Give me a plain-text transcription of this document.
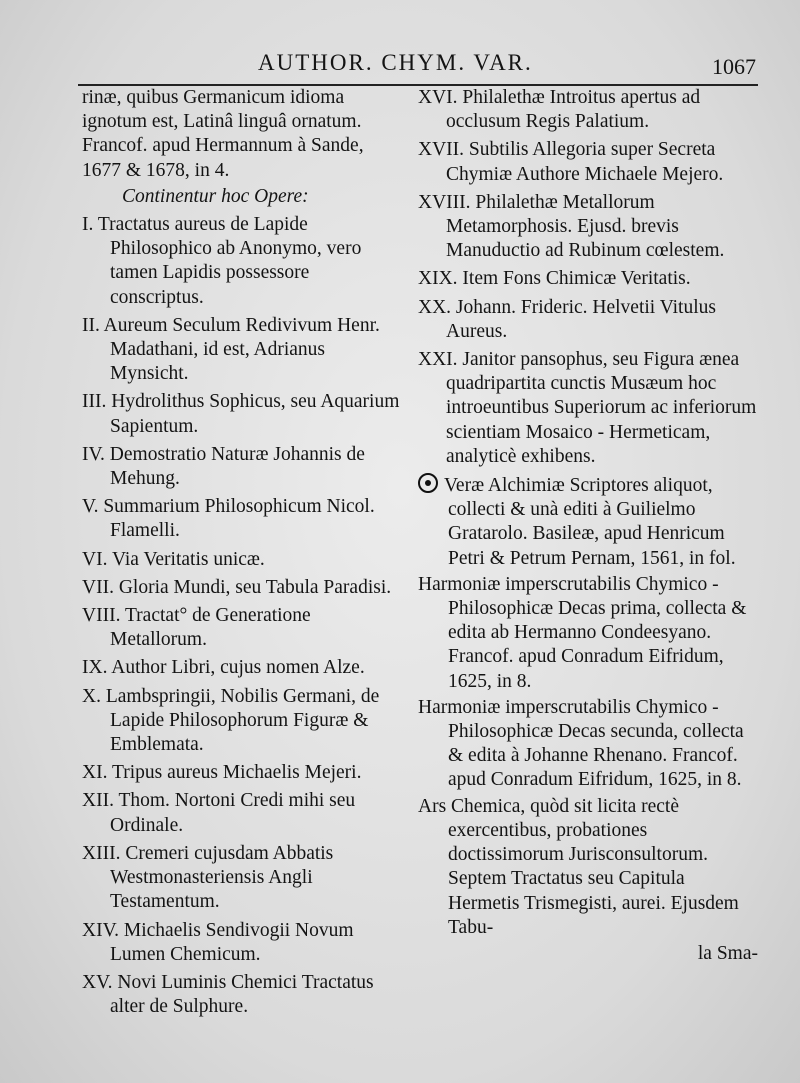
AUTHOR. CHYM. VAR.	1067

rinæ, quibus Germanicum idioma
ignotum est, Latinâ linguâ ornatum.
Francof. apud Hermannum à Sande,
1677 & 1678, in 4.

Continentur hoc Opere:

I. Tractatus aureus de Lapide Philosophico ab Anonymo, vero tamen Lapidis possessore conscriptus.

II. Aureum Seculum Redivivum Henr. Madathani, id est, Adrianus Mynsicht.

III. Hydrolithus Sophicus, seu Aquarium Sapientum.

IV. Demostratio Naturæ Johannis de Mehung.

V. Summarium Philosophicum Nicol. Flamelli.

VI. Via Veritatis unicæ.

VII. Gloria Mundi, seu Tabula Paradisi.

VIII. Tractat° de Generatione Metallorum.

IX. Author Libri, cujus nomen Alze.

X. Lambspringii, Nobilis Germani, de Lapide Philosophorum Figuræ & Emblemata.

XI. Tripus aureus Michaelis Mejeri.

XII. Thom. Nortoni Credi mihi seu Ordinale.

XIII. Cremeri cujusdam Abbatis Westmonasteriensis Angli Testamentum.

XIV. Michaelis Sendivogii Novum Lumen Chemicum.

XV. Novi Luminis Chemici Tractatus alter de Sulphure.

XVI. Philalethæ Introitus apertus ad occlusum Regis Palatium.

XVII. Subtilis Allegoria super Secreta Chymiæ Authore Michaele Mejero.

XVIII. Philalethæ Metallorum Metamorphosis. Ejusd. brevis Manuductio ad Rubinum cœlestem.

XIX. Item Fons Chimicæ Veritatis.

XX. Johann. Frideric. Helvetii Vitulus Aureus.

XXI. Janitor pansophus, seu Figura ænea quadripartita cunctis Musæum hoc introeuntibus Superiorum ac inferiorum scientiam Mosaico - Hermeticam, analyticè exhibens.

Veræ Alchimiæ Scriptores aliquot, collecti & unà editi à Guilielmo Gratarolo. Basileæ, apud Henricum Petri & Petrum Pernam, 1561, in fol.

Harmoniæ imperscrutabilis Chymico - Philosophicæ Decas prima, collecta & edita ab Hermanno Condeesyano. Francof. apud Conradum Eifridum, 1625, in 8.

Harmoniæ imperscrutabilis Chymico - Philosophicæ Decas secunda, collecta & edita à Johanne Rhenano. Francof. apud Conradum Eifridum, 1625, in 8.

Ars Chemica, quòd sit licita rectè exercentibus, probationes doctissimorum Jurisconsultorum. Septem Tractatus seu Capitula Hermetis Trismegisti, aurei. Ejusdem Tabu-

la Sma-
